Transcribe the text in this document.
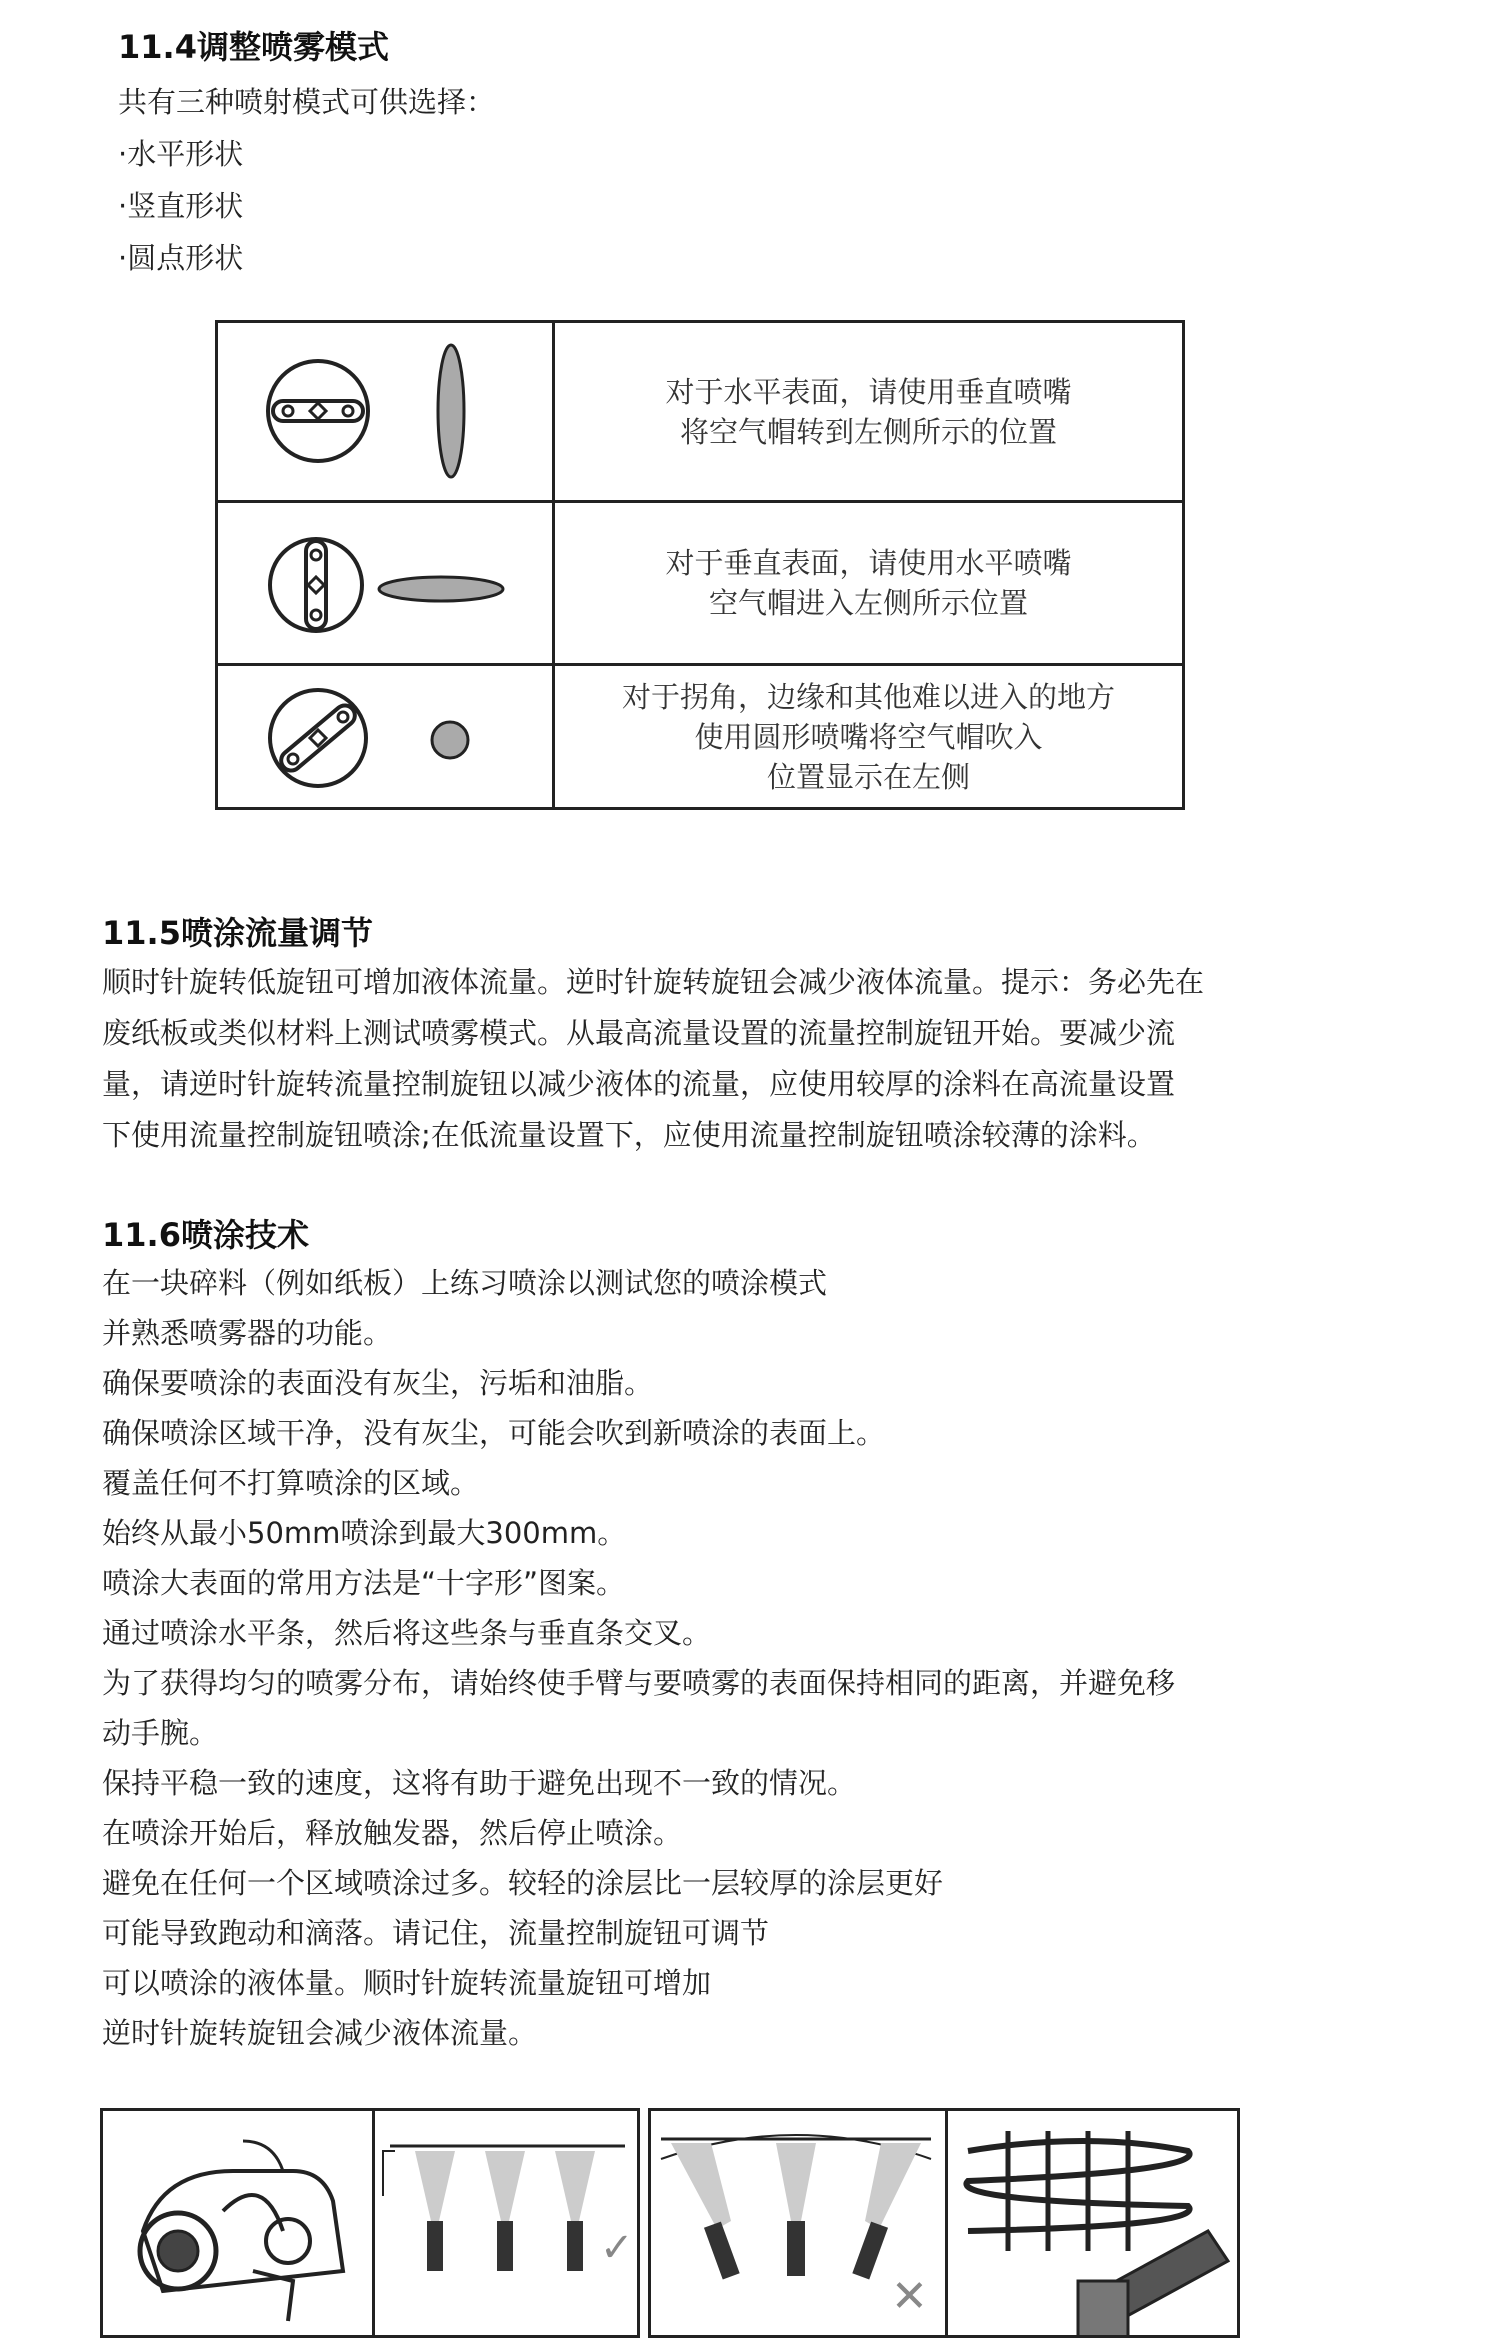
11.4调整喷雾模式
共有三种喷射模式可供选择：
·水平形状
·竖直形状
·圆点形状
对于水平表面，请使用垂直喷嘴
将空气帽转到左侧所示的位置
对于垂直表面，请使用水平喷嘴
空气帽进入左侧所示位置
对于拐角，边缘和其他难以进入的地方
使用圆形喷嘴将空气帽吹入
位置显示在左侧
11.5喷涂流量调节
顺时针旋转低旋钮可增加液体流量。逆时针旋转旋钮会减少液体流量。提示：务必先在
废纸板或类似材料上测试喷雾模式。从最高流量设置的流量控制旋钮开始。要减少流
量，请逆时针旋转流量控制旋钮以减少液体的流量，应使用较厚的涂料在高流量设置
下使用流量控制旋钮喷涂;在低流量设置下，应使用流量控制旋钮喷涂较薄的涂料。
11.6喷涂技术
在一块碎料（例如纸板）上练习喷涂以测试您的喷涂模式
并熟悉喷雾器的功能。
确保要喷涂的表面没有灰尘，污垢和油脂。
确保喷涂区域干净，没有灰尘，可能会吹到新喷涂的表面上。
覆盖任何不打算喷涂的区域。
始终从最小50mm喷涂到最大300mm。
喷涂大表面的常用方法是“十字形”图案。
通过喷涂水平条，然后将这些条与垂直条交叉。
为了获得均匀的喷雾分布，请始终使手臂与要喷雾的表面保持相同的距离，并避免移
动手腕。
保持平稳一致的速度，这将有助于避免出现不一致的情况。
在喷涂开始后，释放触发器，然后停止喷涂。
避免在任何一个区域喷涂过多。较轻的涂层比一层较厚的涂层更好
可能导致跑动和滴落。请记住，流量控制旋钮可调节
可以喷涂的液体量。顺时针旋转流量旋钮可增加
逆时针旋转旋钮会减少液体流量。
✓
✕
